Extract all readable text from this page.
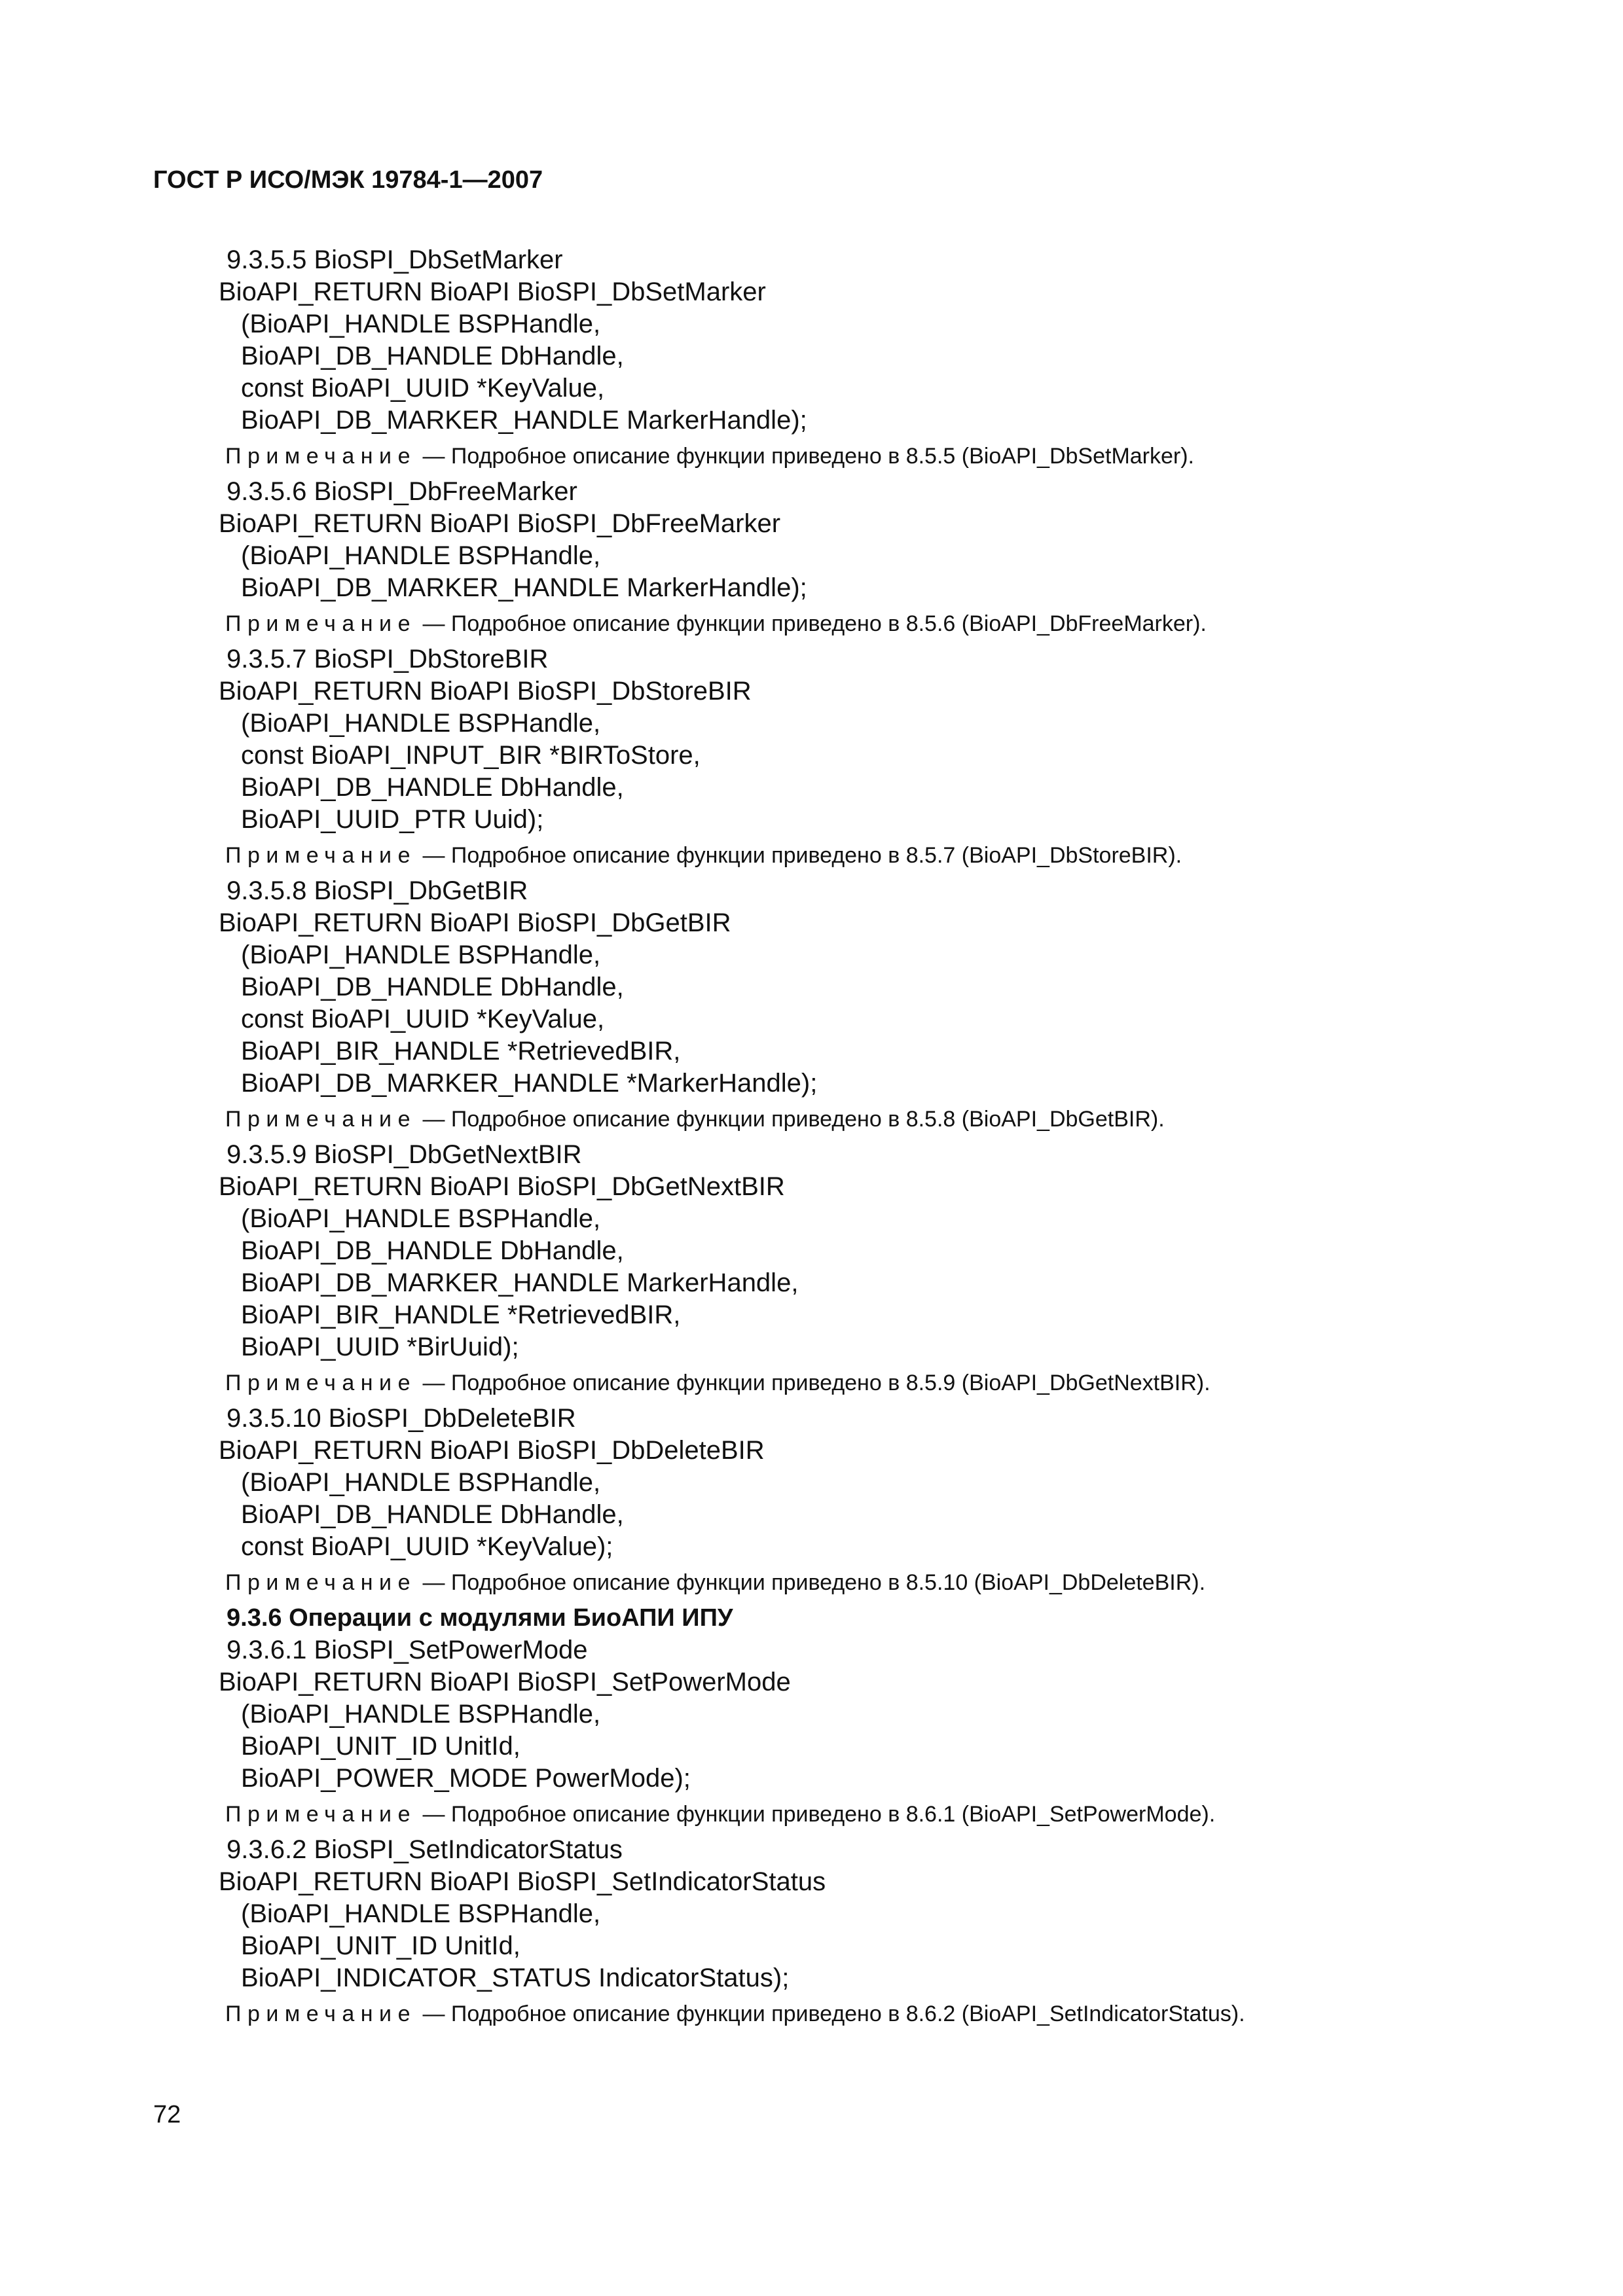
ГОСТ Р ИСО/МЭК 19784-1—2007
9.3.5.5 BioSPI_DbSetMarker
BioAPI_RETURN BioAPI BioSPI_DbSetMarker
(BioAPI_HANDLE BSPHandle,
BioAPI_DB_HANDLE DbHandle,
const BioAPI_UUID *KeyValue,
BioAPI_DB_MARKER_HANDLE MarkerHandle);
Примечание — Подробное описание функции приведено в 8.5.5 (BioAPI_DbSetMarker).
9.3.5.6 BioSPI_DbFreeMarker
BioAPI_RETURN BioAPI BioSPI_DbFreeMarker
(BioAPI_HANDLE BSPHandle,
BioAPI_DB_MARKER_HANDLE MarkerHandle);
Примечание — Подробное описание функции приведено в 8.5.6 (BioAPI_DbFreeMarker).
9.3.5.7 BioSPI_DbStoreBIR
BioAPI_RETURN BioAPI BioSPI_DbStoreBIR
(BioAPI_HANDLE BSPHandle,
const BioAPI_INPUT_BIR *BIRToStore,
BioAPI_DB_HANDLE DbHandle,
BioAPI_UUID_PTR Uuid);
Примечание — Подробное описание функции приведено в 8.5.7 (BioAPI_DbStoreBIR).
9.3.5.8 BioSPI_DbGetBIR
BioAPI_RETURN BioAPI BioSPI_DbGetBIR
(BioAPI_HANDLE BSPHandle,
BioAPI_DB_HANDLE DbHandle,
const BioAPI_UUID *KeyValue,
BioAPI_BIR_HANDLE *RetrievedBIR,
BioAPI_DB_MARKER_HANDLE *MarkerHandle);
Примечание — Подробное описание функции приведено в 8.5.8 (BioAPI_DbGetBIR).
9.3.5.9 BioSPI_DbGetNextBIR
BioAPI_RETURN BioAPI BioSPI_DbGetNextBIR
(BioAPI_HANDLE BSPHandle,
BioAPI_DB_HANDLE DbHandle,
BioAPI_DB_MARKER_HANDLE MarkerHandle,
BioAPI_BIR_HANDLE *RetrievedBIR,
BioAPI_UUID *BirUuid);
Примечание — Подробное описание функции приведено в 8.5.9 (BioAPI_DbGetNextBIR).
9.3.5.10 BioSPI_DbDeleteBIR
BioAPI_RETURN BioAPI BioSPI_DbDeleteBIR
(BioAPI_HANDLE BSPHandle,
BioAPI_DB_HANDLE DbHandle,
const BioAPI_UUID *KeyValue);
Примечание — Подробное описание функции приведено в 8.5.10 (BioAPI_DbDeleteBIR).
9.3.6 Операции с модулями БиоАПИ ИПУ
9.3.6.1 BioSPI_SetPowerMode
BioAPI_RETURN BioAPI BioSPI_SetPowerMode
(BioAPI_HANDLE BSPHandle,
BioAPI_UNIT_ID UnitId,
BioAPI_POWER_MODE PowerMode);
Примечание — Подробное описание функции приведено в 8.6.1 (BioAPI_SetPowerMode).
9.3.6.2 BioSPI_SetIndicatorStatus
BioAPI_RETURN BioAPI BioSPI_SetIndicatorStatus
(BioAPI_HANDLE BSPHandle,
BioAPI_UNIT_ID UnitId,
BioAPI_INDICATOR_STATUS IndicatorStatus);
Примечание — Подробное описание функции приведено в 8.6.2 (BioAPI_SetIndicatorStatus).
72
